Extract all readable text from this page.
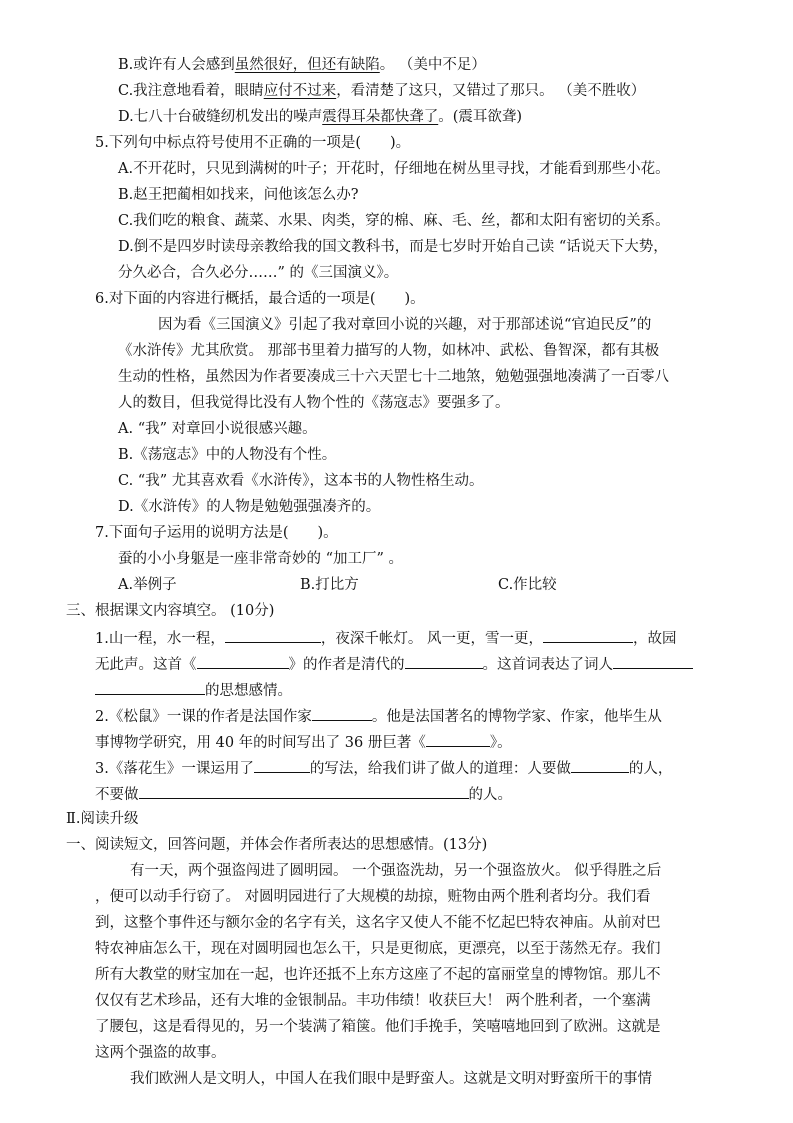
B.或许有人会感到虽然很好，但还有缺陷。 （美中不足）
C.我注意地看着，眼睛应付不过来，看清楚了这只，又错过了那只。 （美不胜收）
D.七八十台破缝纫机发出的噪声震得耳朵都快聋了。(震耳欲聋)
5.下列句中标点符号使用不正确的一项是(　　)。
A.不开花时，只见到满树的叶子；开花时，仔细地在树丛里寻找，才能看到那些小花。
B.赵王把蔺相如找来，问他该怎么办?
C.我们吃的粮食、蔬菜、水果、肉类，穿的棉、麻、毛、丝，都和太阳有密切的关系。
D.倒不是四岁时读母亲教给我的国文教科书，而是七岁时开始自己读 “话说天下大势，
分久必合，合久必分……” 的《三国演义》。
6.对下面的内容进行概括，最合适的一项是(　　)。
因为看《三国演义》引起了我对章回小说的兴趣，对于那部述说“官迫民反”的
《水浒传》尤其欣赏。 那部书里着力描写的人物，如林冲、武松、鲁智深，都有其极
生动的性格，虽然因为作者要凑成三十六天罡七十二地煞，勉勉强强地凑满了一百零八
人的数目，但我觉得比没有人物个性的《荡寇志》要强多了。
A. “我” 对章回小说很感兴趣。
B.《荡寇志》中的人物没有个性。
C. “我” 尤其喜欢看《水浒传》，这本书的人物性格生动。
D.《水浒传》的人物是勉勉强强凑齐的。
7.下面句子运用的说明方法是(　　)。
蚕的小小身躯是一座非常奇妙的 “加工厂” 。
A.举例子	B.打比方	C.作比较
三、根据课文内容填空。 (10分)
1.山一程，水一程，	，夜深千帐灯。 风一更，雪一更，	，故园
无此声。这首《	》的作者是清代的	。这首词表达了词人
的思想感情。
2.《松鼠》一课的作者是法国作家	。他是法国著名的博物学家、作家，他毕生从
事博物学研究，用 40 年的时间写出了 36 册巨著《	》。
3.《落花生》一课运用了	的写法，给我们讲了做人的道理：人要做	的人，
不要做	的人。
Ⅱ.阅读升级
一、阅读短文，回答问题，并体会作者所表达的思想感情。(13分)
有一天，两个强盗闯进了圆明园。 一个强盗洗劫，另一个强盗放火。 似乎得胜之后
，便可以动手行窃了。 对圆明园进行了大规模的劫掠，赃物由两个胜利者均分。我们看
到，这整个事件还与额尔金的名字有关，这名字又使人不能不忆起巴特农神庙。从前对巴
特农神庙怎么干，现在对圆明园也怎么干，只是更彻底，更漂亮，以至于荡然无存。我们
所有大教堂的财宝加在一起，也许还抵不上东方这座了不起的富丽堂皇的博物馆。那儿不
仅仅有艺术珍品，还有大堆的金银制品。丰功伟绩！收获巨大！ 两个胜利者，一个塞满
了腰包，这是看得见的，另一个装满了箱箧。他们手挽手，笑嘻嘻地回到了欧洲。这就是
这两个强盗的故事。
我们欧洲人是文明人，中国人在我们眼中是野蛮人。这就是文明对野蛮所干的事情
